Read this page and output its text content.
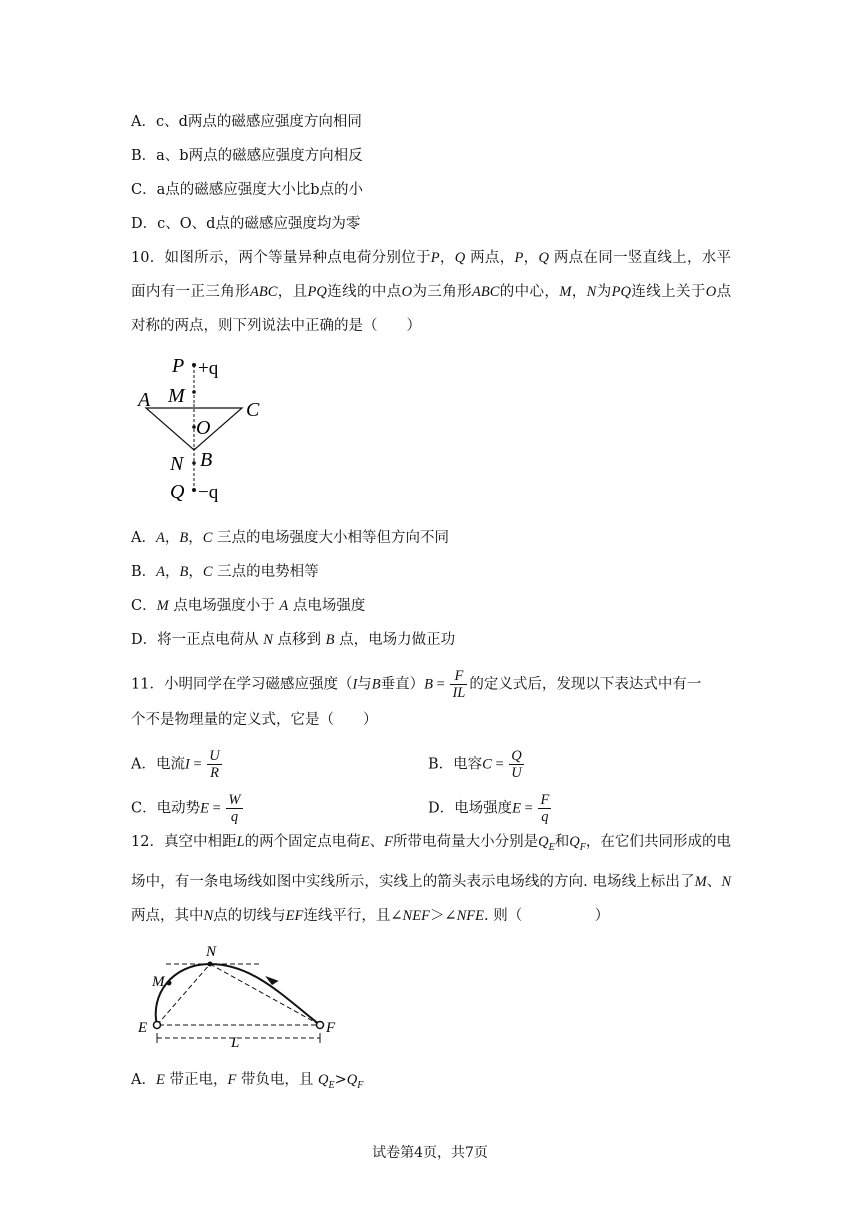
A．c、d两点的磁感应强度方向相同
B．a、b两点的磁感应强度方向相反
C．a点的磁感应强度大小比b点的小
D．c、O、d点的磁感应强度均为零
10．如图所示，两个等量异种点电荷分别位于P，Q 两点，P，Q 两点在同一竖直线上，水平面内有一正三角形ABC，且PQ连线的中点O为三角形ABC的中心，M，N为PQ连线上关于O点对称的两点，则下列说法中正确的是（　　）
P +q
M
A	C
O
N B
Q −q
A．A，B，C 三点的电场强度大小相等但方向不同
B．A，B，C 三点的电势相等
C．M 点电场强度小于 A 点电场强度
D．将一正点电荷从 N 点移到 B 点，电场力做正功
11．小明同学在学习磁感应强度（I与B垂直）$B = \frac{F}{IL}$ 的定义式后，发现以下表达式中有一
个不是物理量的定义式，它是（　　）
A．电流$I = \frac{U}{R}$	B．电容$C = \frac{Q}{U}$
C．电动势$E = \frac{W}{q}$	D．电场强度$E = \frac{F}{q}$
12．真空中相距L的两个固定点电荷E、F所带电荷量大小分别是$Q_E$和$Q_F$，在它们共同形成的电场中，有一条电场线如图中实线所示，实线上的箭头表示电场线的方向. 电场线上标出了M、N两点，其中N点的切线与EF连线平行，且∠NEF＞∠NFE. 则（　　　　　）
N
M
E	F
L
A．E 带正电，F 带负电，且 $Q_E>Q_F$
试卷第4页，共7页
